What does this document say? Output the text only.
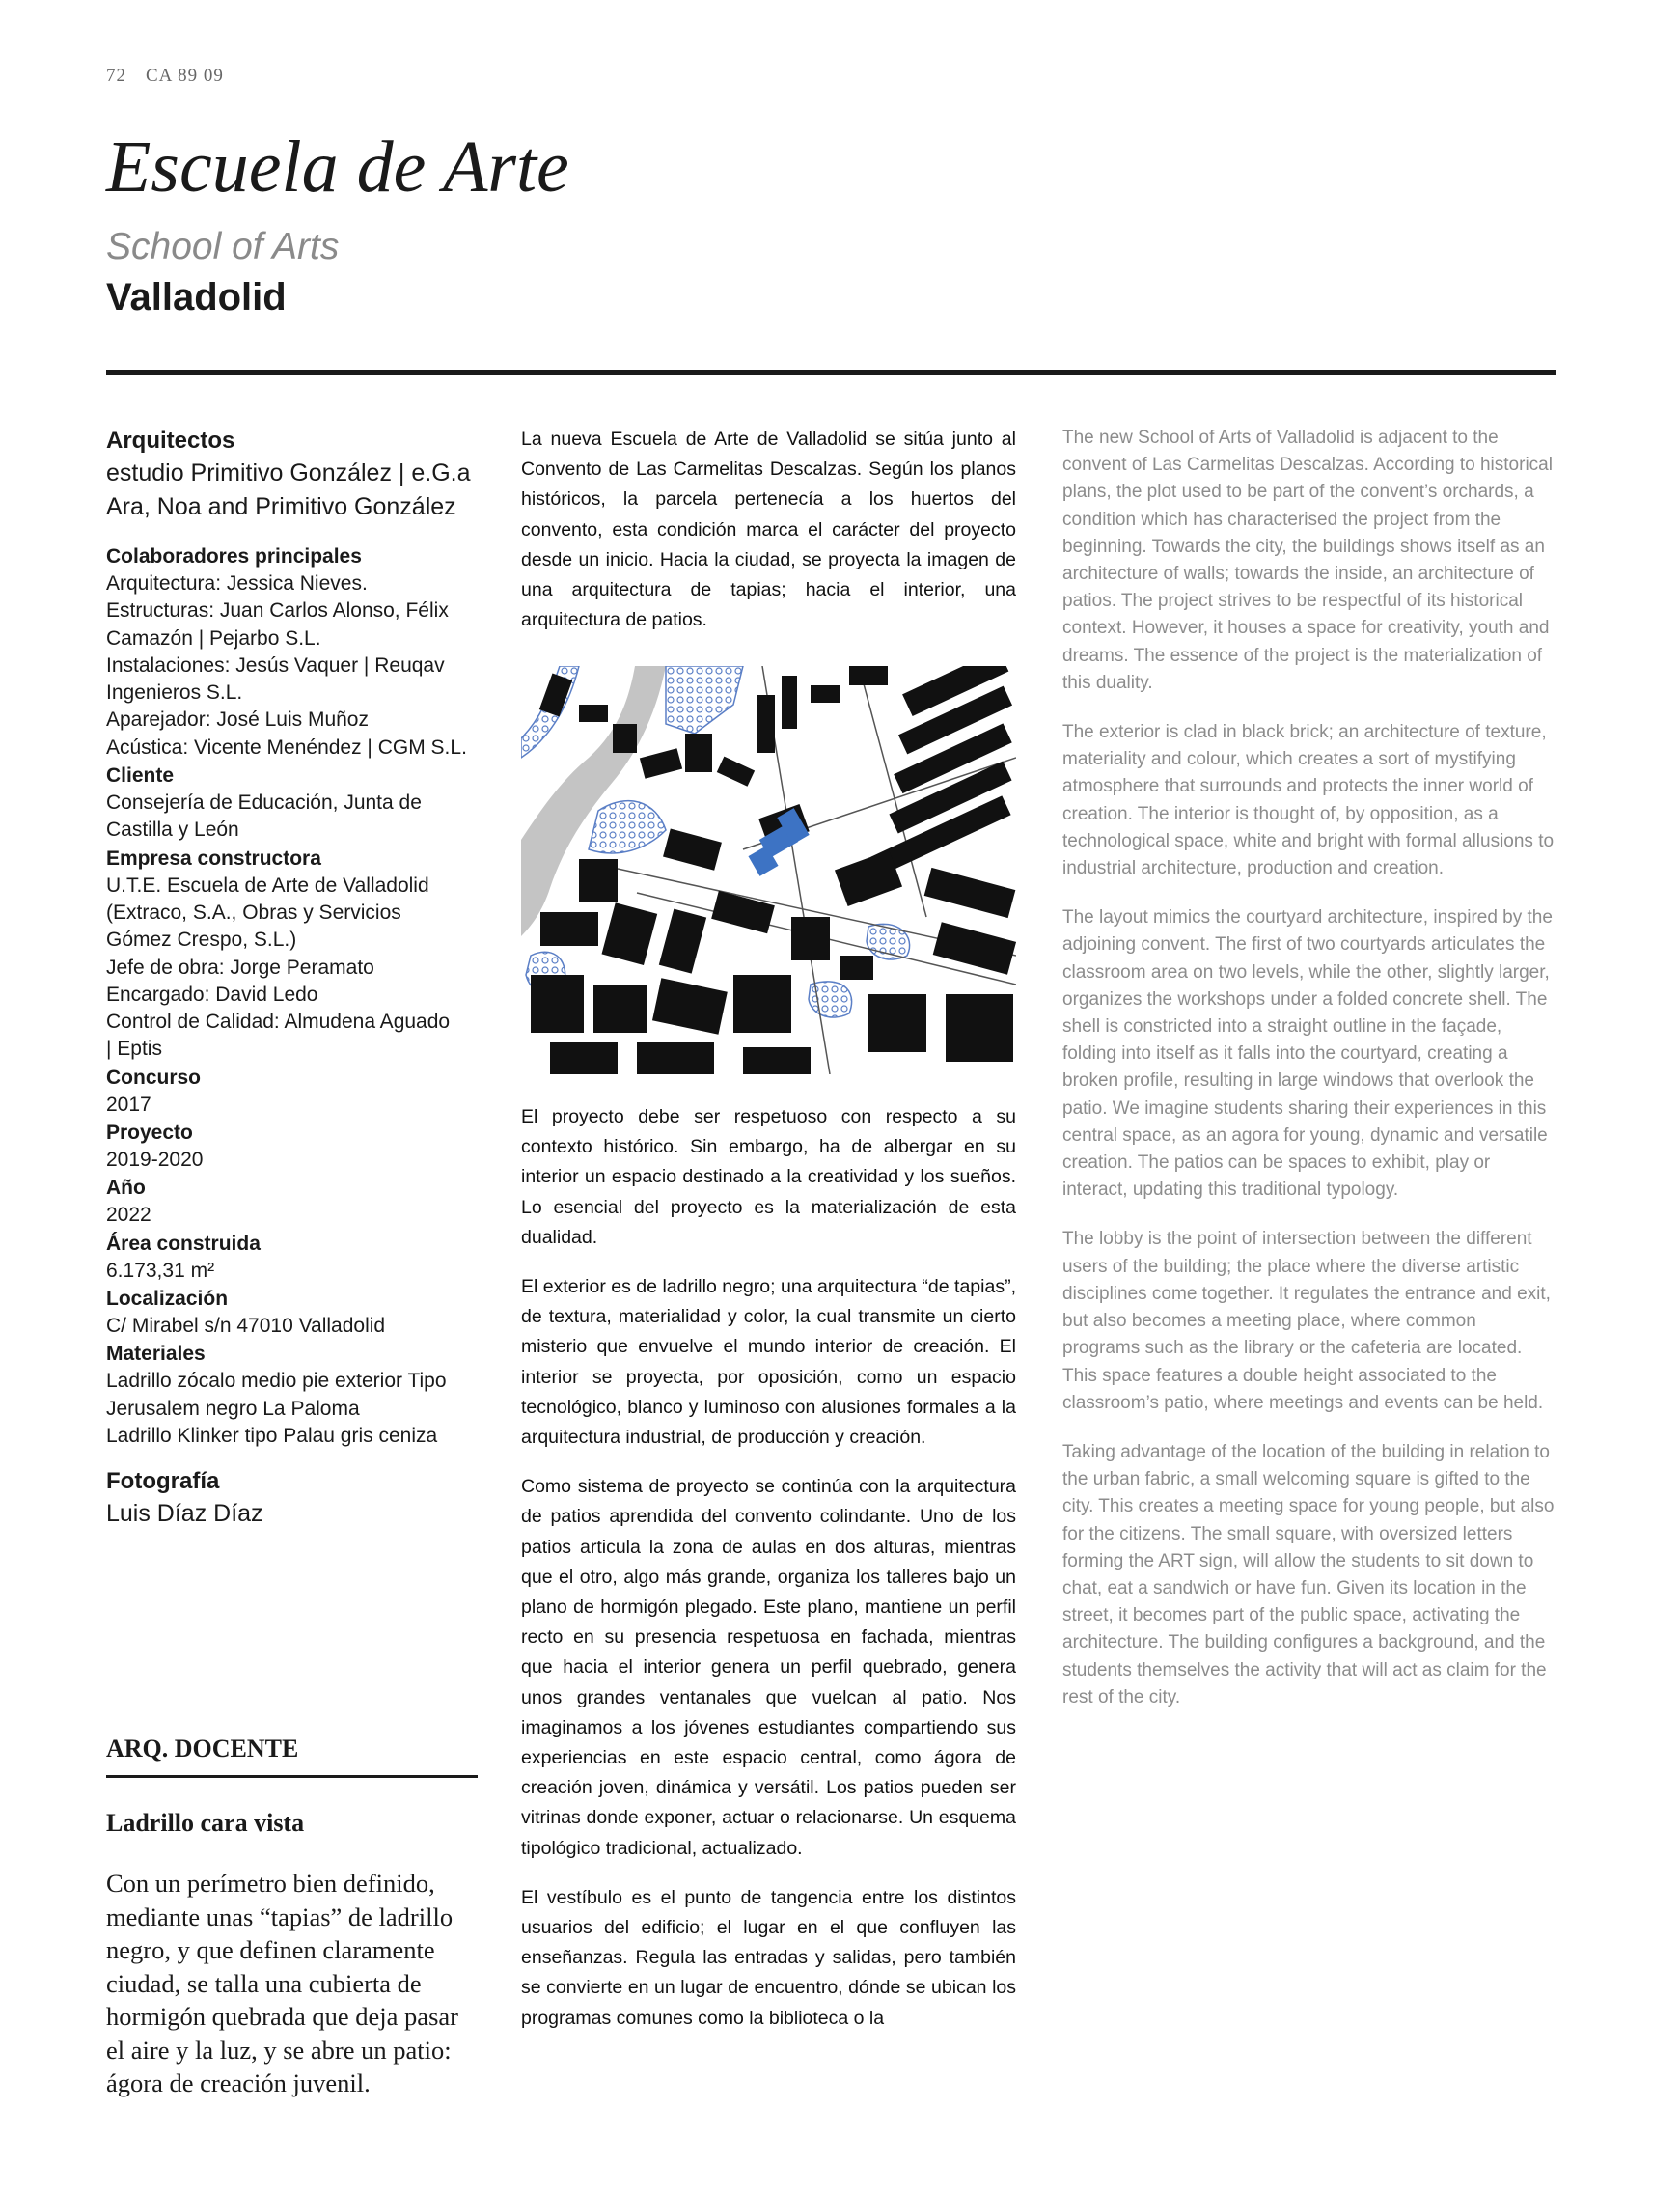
72 CA 89 09
Escuela de Arte
School of Arts
Valladolid
Arquitectos
estudio Primitivo González | e.G.a
Ara, Noa and Primitivo González
Colaboradores principales
Arquitectura: Jessica Nieves.
Estructuras: Juan Carlos Alonso, Félix
Camazón | Pejarbo S.L.
Instalaciones: Jesús Vaquer | Reuqav
Ingenieros S.L.
Aparejador: José Luis Muñoz
Acústica: Vicente Menéndez | CGM S.L.
Cliente
Consejería de Educación, Junta de
Castilla y León
Empresa constructora
U.T.E. Escuela de Arte de Valladolid
(Extraco, S.A., Obras y Servicios
Gómez Crespo, S.L.)
Jefe de obra: Jorge Peramato
Encargado: David Ledo
Control de Calidad: Almudena Aguado
| Eptis
Concurso
2017
Proyecto
2019-2020
Año
2022
Área construida
6.173,31 m²
Localización
C/ Mirabel s/n 47010 Valladolid
Materiales
Ladrillo zócalo medio pie exterior Tipo
Jerusalem negro La Paloma
Ladrillo Klinker tipo Palau gris ceniza
Fotografía
Luis Díaz Díaz
ARQ. DOCENTE
Ladrillo cara vista
Con un perímetro bien definido, mediante unas “tapias” de ladrillo negro, y que definen claramente ciudad, se talla una cubierta de hormigón quebrada que deja pasar el aire y la luz, y se abre un patio: ágora de creación juvenil.

La nueva Escuela de Arte de Valladolid se sitúa junto al Convento de Las Carmelitas Descalzas. Según los planos históricos, la parcela pertenecía a los huertos del convento, esta condición marca el carácter del proyecto desde un inicio. Hacia la ciudad, se proyecta la imagen de una arquitectura de tapias; hacia el interior, una arquitectura de patios.

El proyecto debe ser respetuoso con respecto a su contexto histórico. Sin embargo, ha de albergar en su interior un espacio destinado a la creatividad y los sueños. Lo esencial del proyecto es la materialización de esta dualidad.

El exterior es de ladrillo negro; una arquitectura “de tapias”, de textura, materialidad y color, la cual transmite un cierto misterio que envuelve el mundo interior de creación. El interior se proyecta, por oposición, como un espacio tecnológico, blanco y luminoso con alusiones formales a la arquitectura industrial, de producción y creación.

Como sistema de proyecto se continúa con la arquitectura de patios aprendida del convento colindante. Uno de los patios articula la zona de aulas en dos alturas, mientras que el otro, algo más grande, organiza los talleres bajo un plano de hormigón plegado. Este plano, mantiene un perfil recto en su presencia respetuosa en fachada, mientras que hacia el interior genera un perfil quebrado, genera unos grandes ventanales que vuelcan al patio. Nos imaginamos a los jóvenes estudiantes compartiendo sus experiencias en este espacio central, como ágora de creación joven, dinámica y versátil. Los patios pueden ser vitrinas donde exponer, actuar o relacionarse. Un esquema tipológico tradicional, actualizado.

El vestíbulo es el punto de tangencia entre los distintos usuarios del edificio; el lugar en el que confluyen las enseñanzas. Regula las entradas y salidas, pero también se convierte en un lugar de encuentro, dónde se ubican los programas comunes como la biblioteca o la

The new School of Arts of Valladolid is adjacent to the convent of Las Carmelitas Descalzas. According to historical plans, the plot used to be part of the convent’s orchards, a condition which has characterised the project from the beginning. Towards the city, the buildings shows itself as an architecture of walls; towards the inside, an architecture of patios. The project strives to be respectful of its historical context. However, it houses a space for creativity, youth and dreams. The essence of the project is the materialization of this duality.

The exterior is clad in black brick; an architecture of texture, materiality and colour, which creates a sort of mystifying atmosphere that surrounds and protects the inner world of creation. The interior is thought of, by opposition, as a technological space, white and bright with formal allusions to industrial architecture, production and creation.

The layout mimics the courtyard architecture, inspired by the adjoining convent. The first of two courtyards articulates the classroom area on two levels, while the other, slightly larger, organizes the workshops under a folded concrete shell. The shell is constricted into a straight outline in the façade, folding into itself as it falls into the courtyard, creating a broken profile, resulting in large windows that overlook the patio. We imagine students sharing their experiences in this central space, as an agora for young, dynamic and versatile creation. The patios can be spaces to exhibit, play or interact, updating this traditional typology.

The lobby is the point of intersection between the different users of the building; the place where the diverse artistic disciplines come together. It regulates the entrance and exit, but also becomes a meeting place, where common programs such as the library or the cafeteria are located. This space features a double height associated to the classroom’s patio, where meetings and events can be held.

Taking advantage of the location of the building in relation to the urban fabric, a small welcoming square is gifted to the city. This creates a meeting space for young people, but also for the citizens. The small square, with oversized letters forming the ART sign, will allow the students to sit down to chat, eat a sandwich or have fun. Given its location in the street, it becomes part of the public space, activating the architecture. The building configures a background, and the students themselves the activity that will act as claim for the rest of the city.
